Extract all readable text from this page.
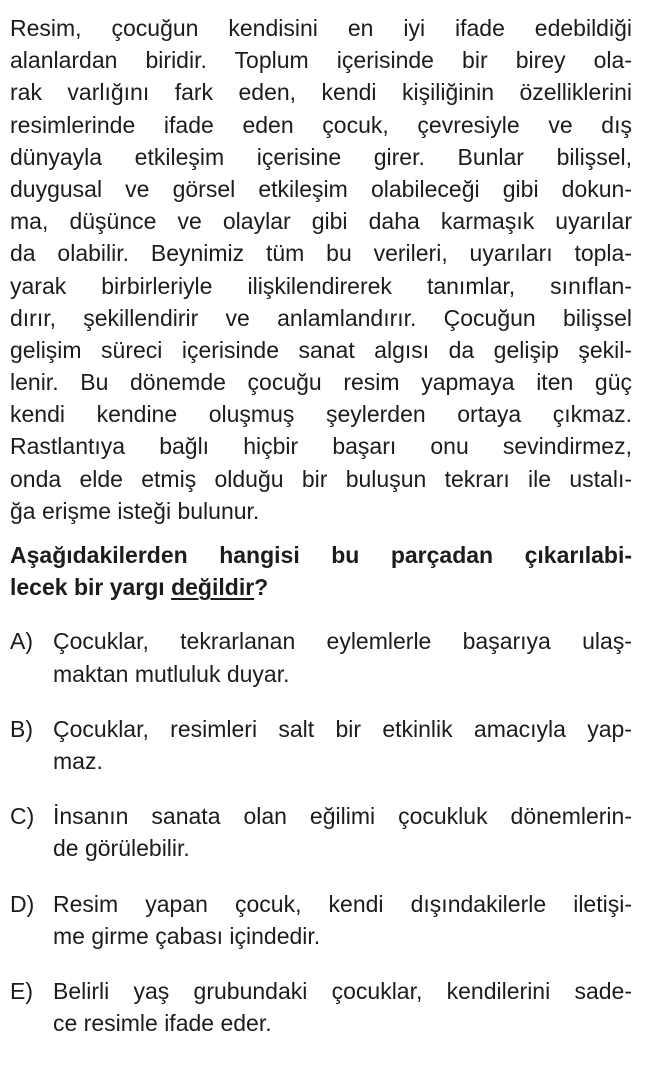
Resim, çocuğun kendisini en iyi ifade edebildiği
alanlardan biridir. Toplum içerisinde bir birey ola-
rak varlığını fark eden, kendi kişiliğinin özelliklerini
resimlerinde ifade eden çocuk, çevresiyle ve dış
dünyayla etkileşim içerisine girer. Bunlar bilişsel,
duygusal ve görsel etkileşim olabileceği gibi dokun-
ma, düşünce ve olaylar gibi daha karmaşık uyarılar
da olabilir. Beynimiz tüm bu verileri, uyarıları topla-
yarak birbirleriyle ilişkilendirerek tanımlar, sınıflan-
dırır, şekillendirir ve anlamlandırır. Çocuğun bilişsel
gelişim süreci içerisinde sanat algısı da gelişip şekil-
lenir. Bu dönemde çocuğu resim yapmaya iten güç
kendi kendine oluşmuş şeylerden ortaya çıkmaz.
Rastlantıya bağlı hiçbir başarı onu sevindirmez,
onda elde etmiş olduğu bir buluşun tekrarı ile ustalı-
ğa erişme isteği bulunur.
Aşağıdakilerden hangisi bu parçadan çıkarılabi-
lecek bir yargı değildir?
A) Çocuklar, tekrarlanan eylemlerle başarıya ulaş-
maktan mutluluk duyar.
B) Çocuklar, resimleri salt bir etkinlik amacıyla yap-
maz.
C) İnsanın sanata olan eğilimi çocukluk dönemlerin-
de görülebilir.
D) Resim yapan çocuk, kendi dışındakilerle iletişi-
me girme çabası içindedir.
E) Belirli yaş grubundaki çocuklar, kendilerini sade-
ce resimle ifade eder.
